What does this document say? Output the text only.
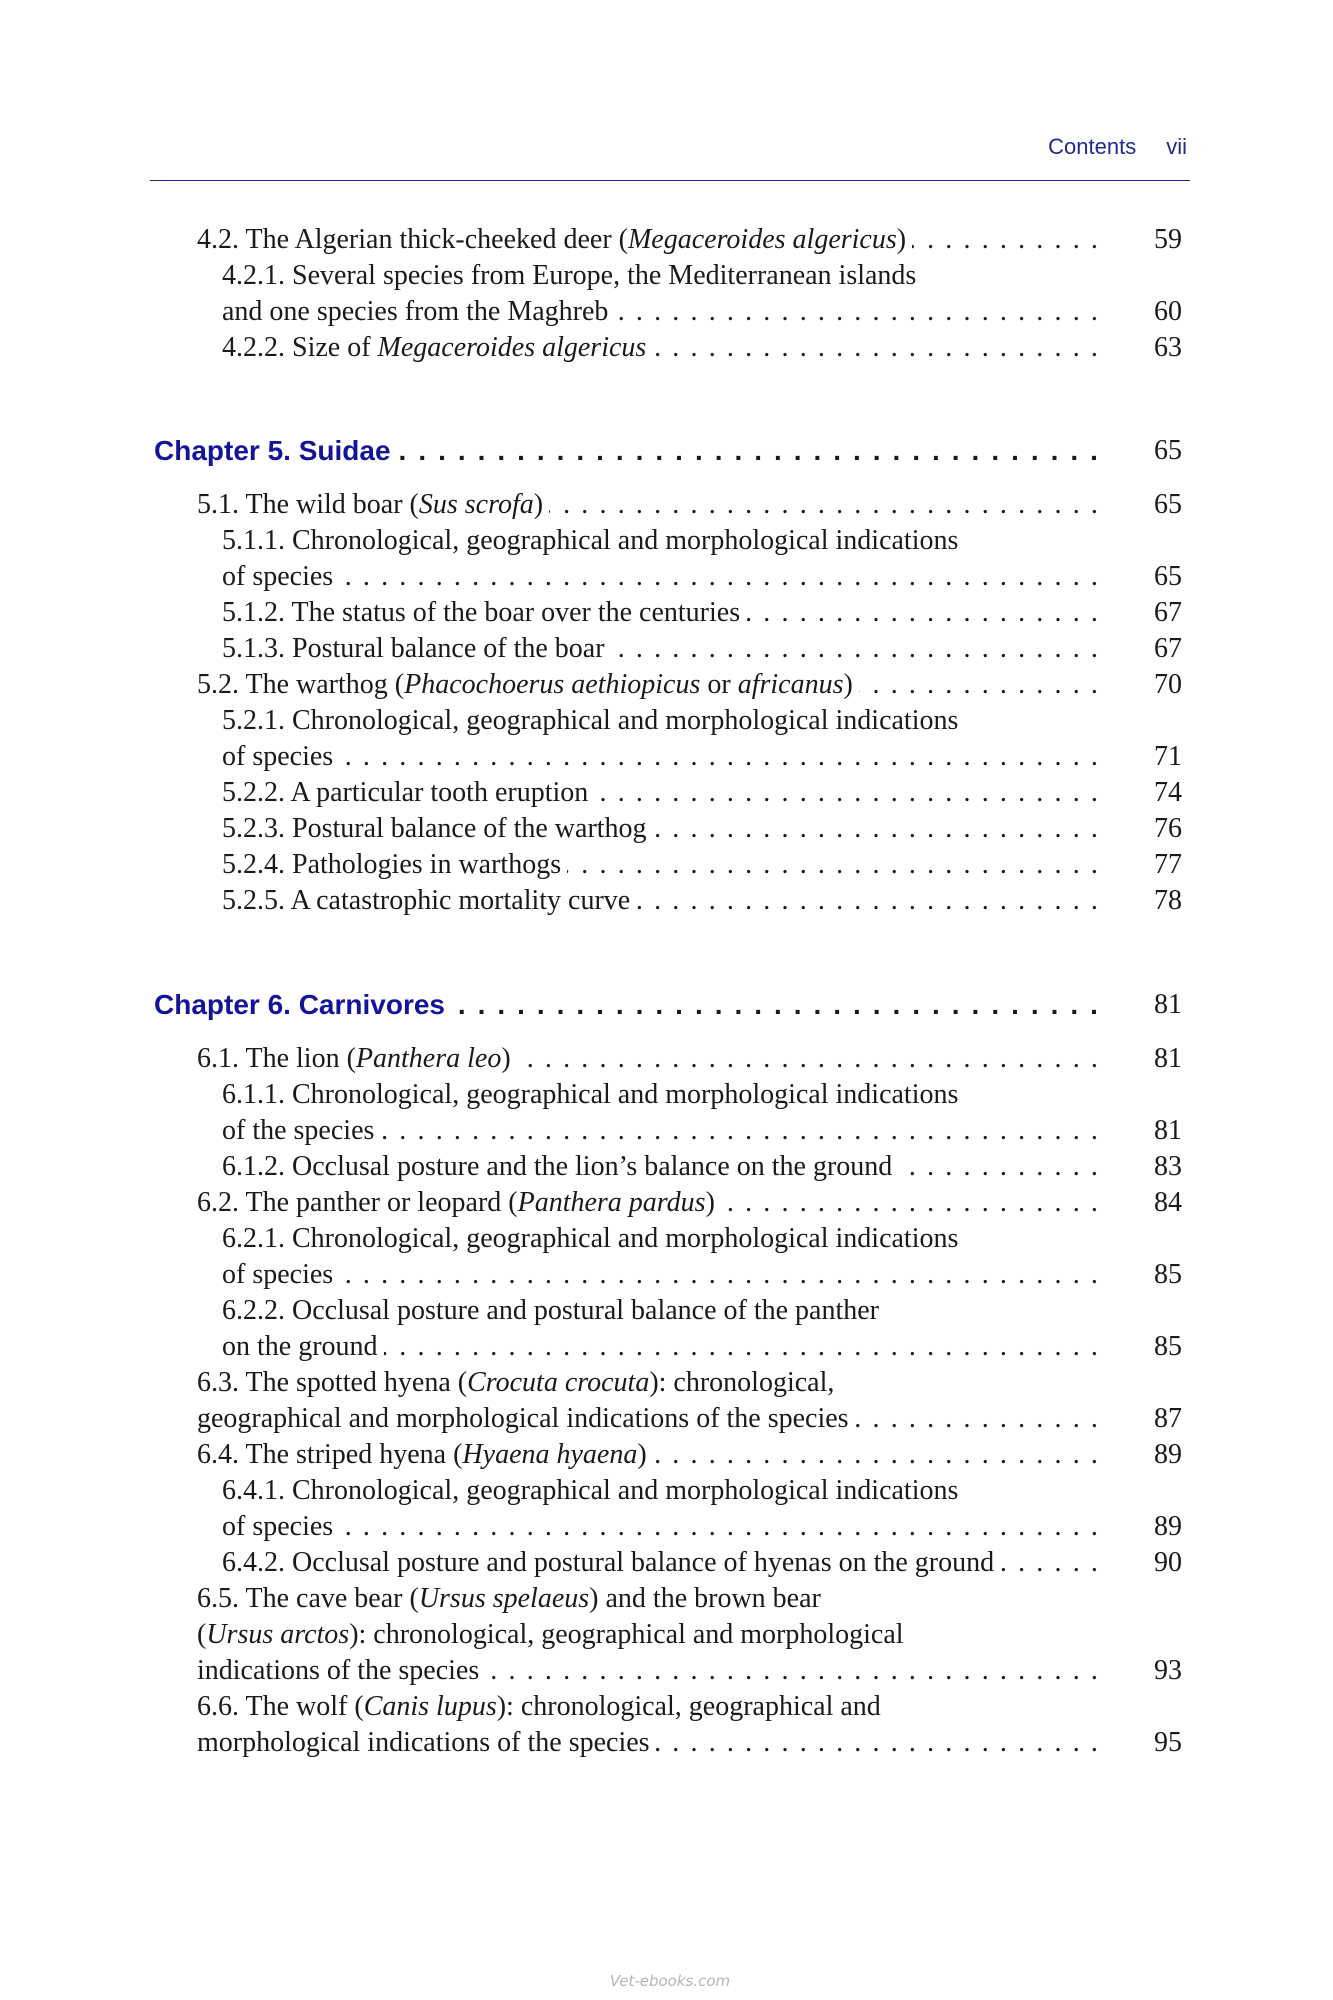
Contents vii
4.2. The Algerian thick-cheeked deer (Megaceroides algericus) . . .	59
4.2.1. Several species from Europe, the Mediterranean islands
and one species from the Maghreb . . .	60
4.2.2. Size of Megaceroides algericus . . .	63
Chapter 5. Suidae . . .	65
5.1. The wild boar (Sus scrofa) . . .	65
5.1.1. Chronological, geographical and morphological indications
of species . . .	65
5.1.2. The status of the boar over the centuries . . .	67
5.1.3. Postural balance of the boar . . .	67
5.2. The warthog (Phacochoerus aethiopicus or africanus) . . .	70
5.2.1. Chronological, geographical and morphological indications
of species . . .	71
5.2.2. A particular tooth eruption . . .	74
5.2.3. Postural balance of the warthog . . .	76
5.2.4. Pathologies in warthogs . . .	77
5.2.5. A catastrophic mortality curve . . .	78
Chapter 6. Carnivores . . .	81
6.1. The lion (Panthera leo) . . .	81
6.1.1. Chronological, geographical and morphological indications
of the species . . .	81
6.1.2. Occlusal posture and the lion’s balance on the ground . . .	83
6.2. The panther or leopard (Panthera pardus) . . .	84
6.2.1. Chronological, geographical and morphological indications
of species . . .	85
6.2.2. Occlusal posture and postural balance of the panther
on the ground . . .	85
6.3. The spotted hyena (Crocuta crocuta): chronological,
geographical and morphological indications of the species . . .	87
6.4. The striped hyena (Hyaena hyaena) . . .	89
6.4.1. Chronological, geographical and morphological indications
of species . . .	89
6.4.2. Occlusal posture and postural balance of hyenas on the ground . . .	90
6.5. The cave bear (Ursus spelaeus) and the brown bear
(Ursus arctos): chronological, geographical and morphological
indications of the species . . .	93
6.6. The wolf (Canis lupus): chronological, geographical and
morphological indications of the species . . .	95
Vet-ebooks.com
